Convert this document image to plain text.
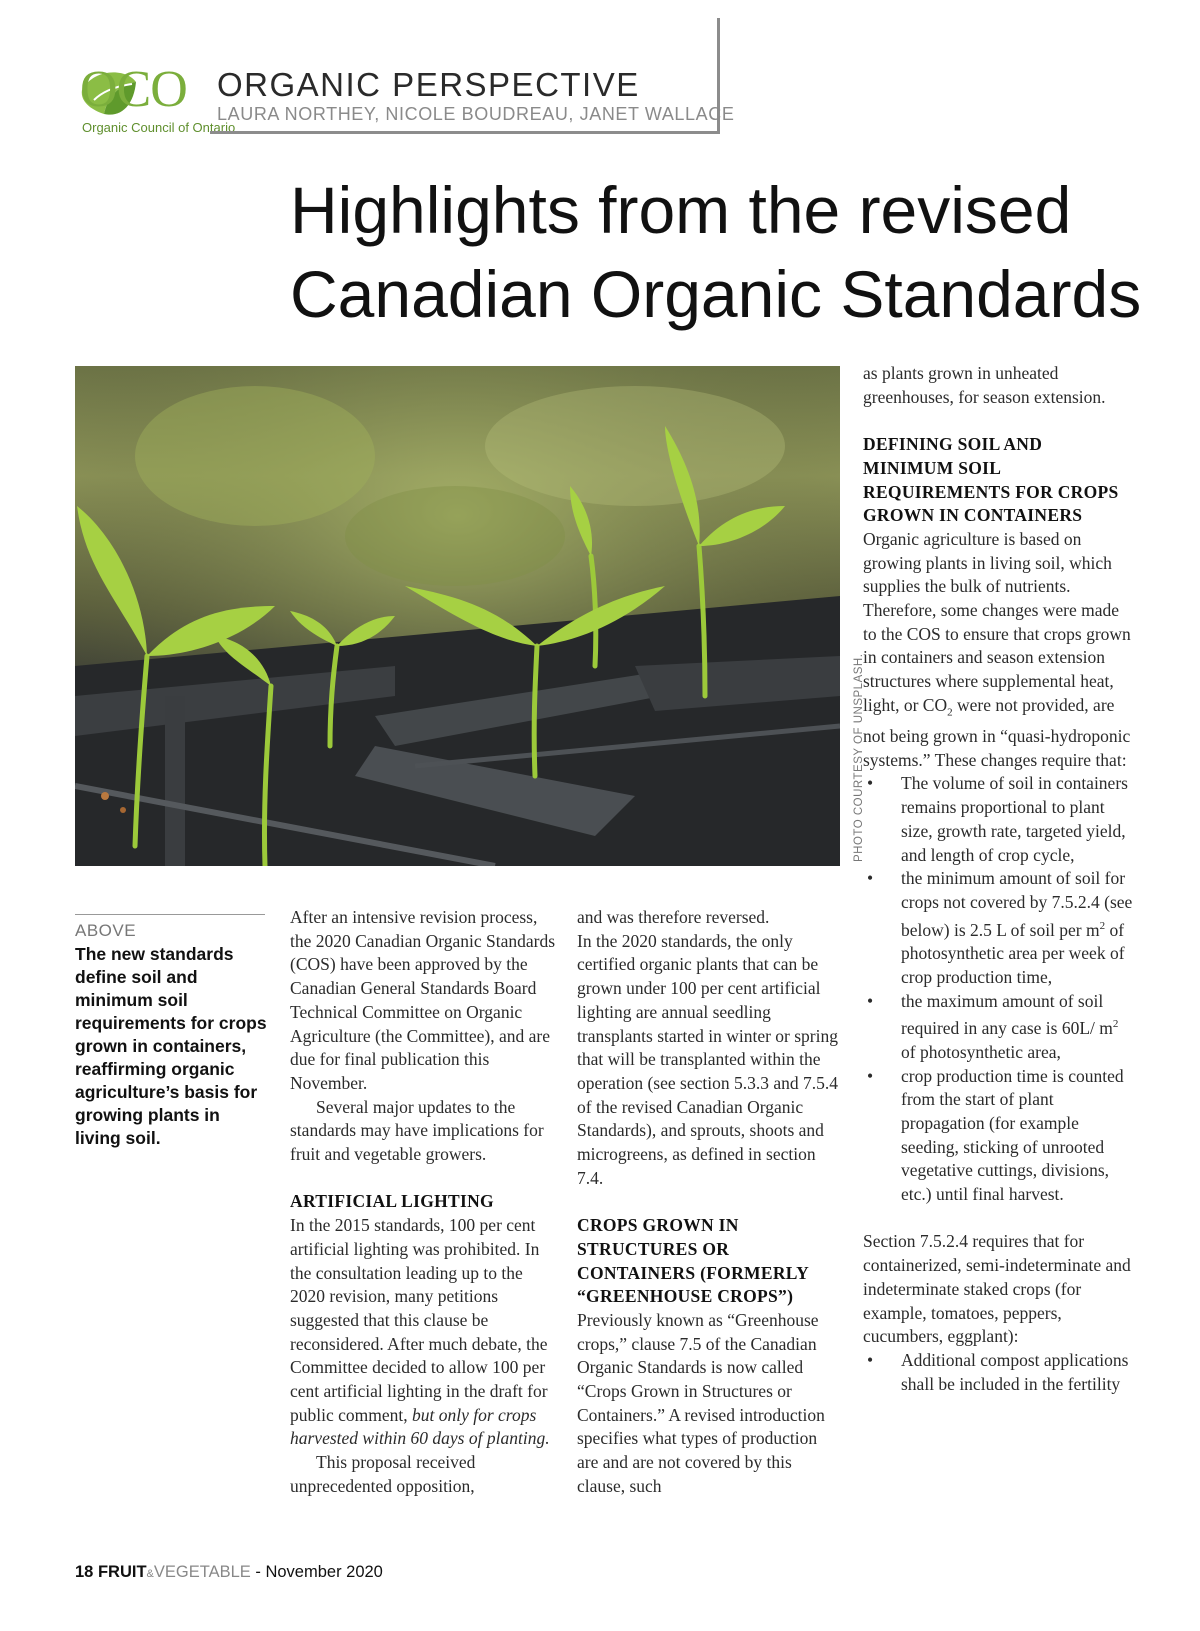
OCO
Organic Council of Ontario
ORGANIC PERSPECTIVE
LAURA NORTHEY, NICOLE BOUDREAU, JANET WALLACE
Highlights from the revised
Canadian Organic Standards
PHOTO COURTESY OF UNSPLASH.
ABOVE
The new standards define soil and minimum soil requirements for crops grown in containers, reaffirming organic agriculture’s basis for growing plants in living soil.

After an intensive revision process, the 2020 Canadian Organic Standards (COS) have been approved by the Canadian General Standards Board Technical Committee on Organic Agriculture (the Committee), and are due for final publication this November.

Several major updates to the standards may have implications for fruit and vegetable growers.

ARTIFICIAL LIGHTING

In the 2015 standards, 100 per cent artificial lighting was prohibited. In the consultation leading up to the 2020 revision, many petitions suggested that this clause be reconsidered. After much debate, the Committee decided to allow 100 per cent artificial lighting in the draft for public comment, but only for crops harvested within 60 days of planting.

This proposal received unprecedented opposition,

and was therefore reversed.

In the 2020 standards, the only certified organic plants that can be grown under 100 per cent artificial lighting are annual seedling transplants started in winter or spring that will be transplanted within the operation (see section 5.3.3 and 7.5.4 of the revised Canadian Organic Standards), and sprouts, shoots and microgreens, as defined in section 7.4.

CROPS GROWN IN STRUCTURES OR CONTAINERS (FORMERLY “GREENHOUSE CROPS”)

Previously known as “Greenhouse crops,” clause 7.5 of the Canadian Organic Standards is now called “Crops Grown in Structures or Containers.” A revised introduction specifies what types of production are and are not covered by this clause, such

as plants grown in unheated greenhouses, for season extension.

DEFINING SOIL AND MINIMUM SOIL REQUIREMENTS FOR CROPS GROWN IN CONTAINERS

Organic agriculture is based on growing plants in living soil, which supplies the bulk of nutrients. Therefore, some changes were made to the COS to ensure that crops grown in containers and season extension structures where supplemental heat, light, or $CO_2$ were not provided, are not being grown in “quasi-hydroponic systems.” These changes require that:

• The volume of soil in containers remains proportional to plant size, growth rate, targeted yield, and length of crop cycle,
• the minimum amount of soil for crops not covered by 7.5.2.4 (see below) is 2.5 L of soil per $m^2$ of photosynthetic area per week of crop production time,
• the maximum amount of soil required in any case is 60L/ $m^2$ of photosynthetic area,
• crop production time is counted from the start of plant propagation (for example seeding, sticking of unrooted vegetative cuttings, divisions, etc.) until final harvest.

Section 7.5.2.4 requires that for containerized, semi-indeterminate and indeterminate staked crops (for example, tomatoes, peppers, cucumbers, eggplant):

• Additional compost applications shall be included in the fertility
18 FRUIT&VEGETABLE - November 2020
